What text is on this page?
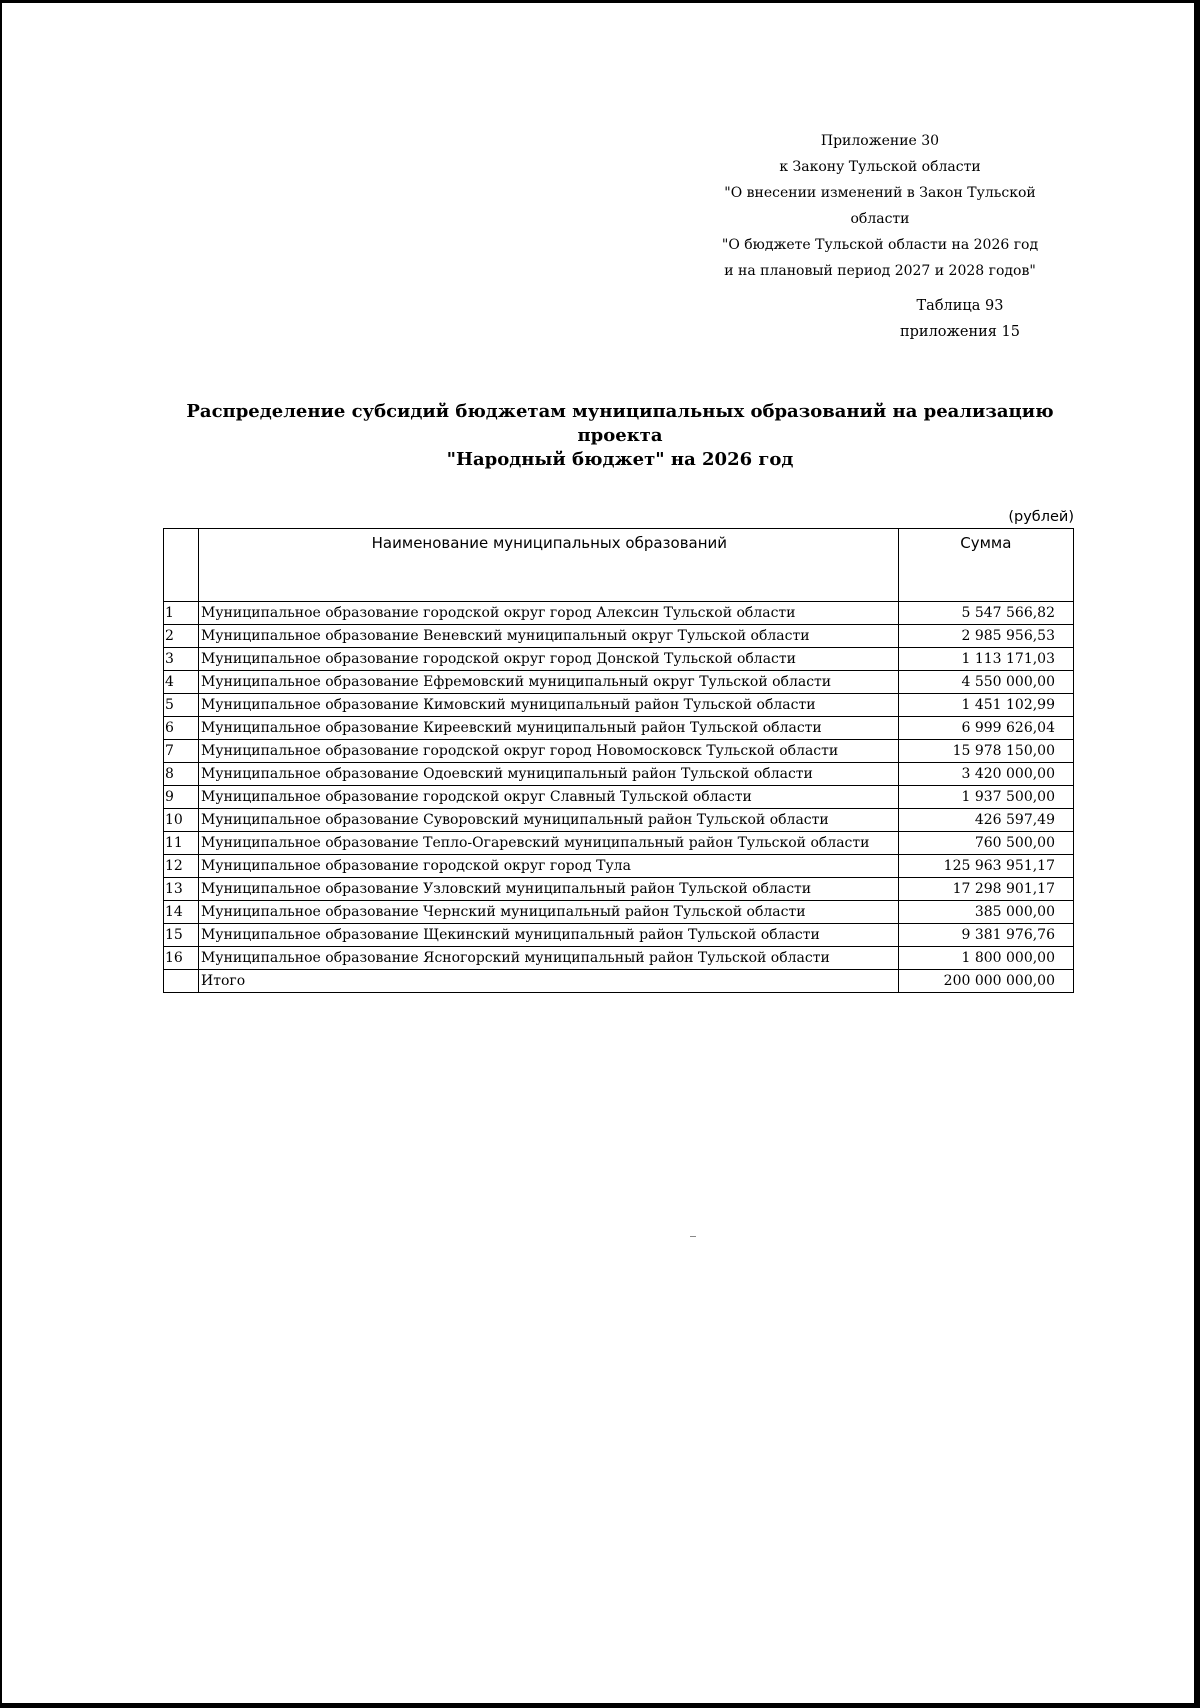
Приложение 30
к Закону Тульской области
"О внесении изменений в Закон Тульской области
"О бюджете Тульской области на 2026 год
и на плановый период 2027 и 2028 годов"
Таблица 93
приложения 15
Распределение субсидий бюджетам муниципальных образований на реализацию проекта
"Народный бюджет" на 2026 год
(рублей)
	Наименование муниципальных образований	Сумма
1	Муниципальное образование городской округ город Алексин Тульской области	5 547 566,82
2	Муниципальное образование Веневский муниципальный округ Тульской области	2 985 956,53
3	Муниципальное образование городской округ город Донской Тульской области	1 113 171,03
4	Муниципальное образование Ефремовский муниципальный округ Тульской области	4 550 000,00
5	Муниципальное образование Кимовский муниципальный район Тульской области	1 451 102,99
6	Муниципальное образование Киреевский муниципальный район Тульской области	6 999 626,04
7	Муниципальное образование городской округ город Новомосковск Тульской области	15 978 150,00
8	Муниципальное образование Одоевский муниципальный район Тульской области	3 420 000,00
9	Муниципальное образование городской округ Славный Тульской области	1 937 500,00
10	Муниципальное образование Суворовский муниципальный район Тульской области	426 597,49
11	Муниципальное образование Тепло-Огаревский муниципальный район Тульской области	760 500,00
12	Муниципальное образование городской округ город Тула	125 963 951,17
13	Муниципальное образование Узловский муниципальный район Тульской области	17 298 901,17
14	Муниципальное образование Чернский муниципальный район Тульской области	385 000,00
15	Муниципальное образование Щекинский муниципальный район Тульской области	9 381 976,76
16	Муниципальное образование Ясногорский муниципальный район Тульской области	1 800 000,00
	Итого	200 000 000,00
